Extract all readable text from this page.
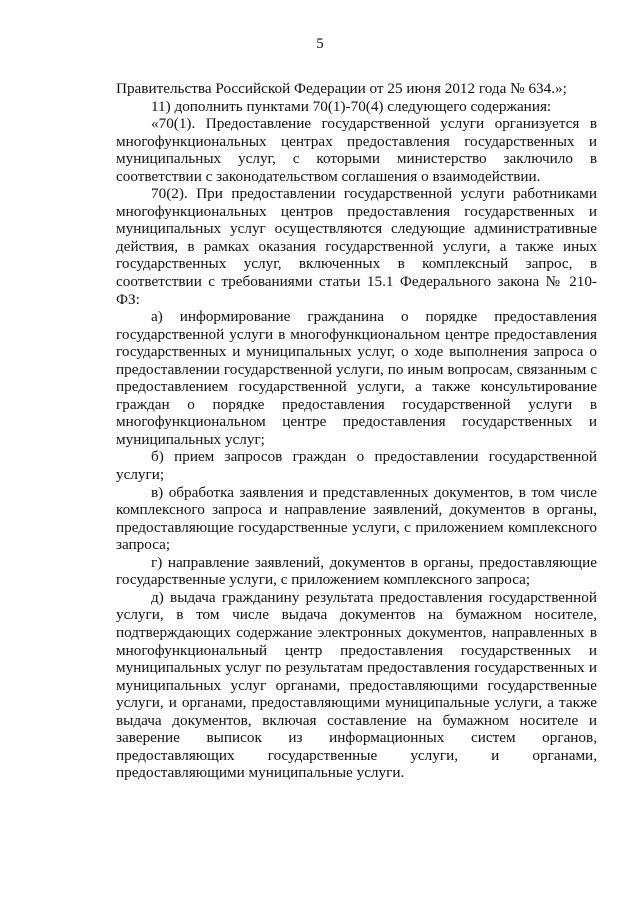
5

Правительства Российской Федерации от 25 июня 2012 года № 634.»;

11) дополнить пунктами 70(1)-70(4) следующего содержания:

«70(1). Предоставление государственной услуги организуется в многофункциональных центрах предоставления государственных и муниципальных услуг, с которыми министерство заключило в соответствии с законодательством соглашения о взаимодействии.

70(2). При предоставлении государственной услуги работниками многофункциональных центров предоставления государственных и муниципальных услуг осуществляются следующие административные действия, в рамках оказания государственной услуги, а также иных государственных услуг, включенных в комплексный запрос, в соответствии с требованиями статьи 15.1 Федерального закона № 210-ФЗ:

а) информирование гражданина о порядке предоставления государственной услуги в многофункциональном центре предоставления государственных и муниципальных услуг, о ходе выполнения запроса о предоставлении государственной услуги, по иным вопросам, связанным с предоставлением государственной услуги, а также консультирование граждан о порядке предоставления государственной услуги в многофункциональном центре предоставления государственных и муниципальных услуг;

б) прием запросов граждан о предоставлении государственной услуги;

в) обработка заявления и представленных документов, в том числе комплексного запроса и направление заявлений, документов в органы, предоставляющие государственные услуги, с приложением комплексного запроса;

г) направление заявлений, документов в органы, предоставляющие государственные услуги, с приложением комплексного запроса;

д) выдача гражданину результата предоставления государственной услуги, в том числе выдача документов на бумажном носителе, подтверждающих содержание электронных документов, направленных в многофункциональный центр предоставления государственных и муниципальных услуг по результатам предоставления государственных и муниципальных услуг органами, предоставляющими государственные услуги, и органами, предоставляющими муниципальные услуги, а также выдача документов, включая составление на бумажном носителе и заверение выписок из информационных систем органов, предоставляющих государственные услуги, и органами, предоставляющими муниципальные услуги.
